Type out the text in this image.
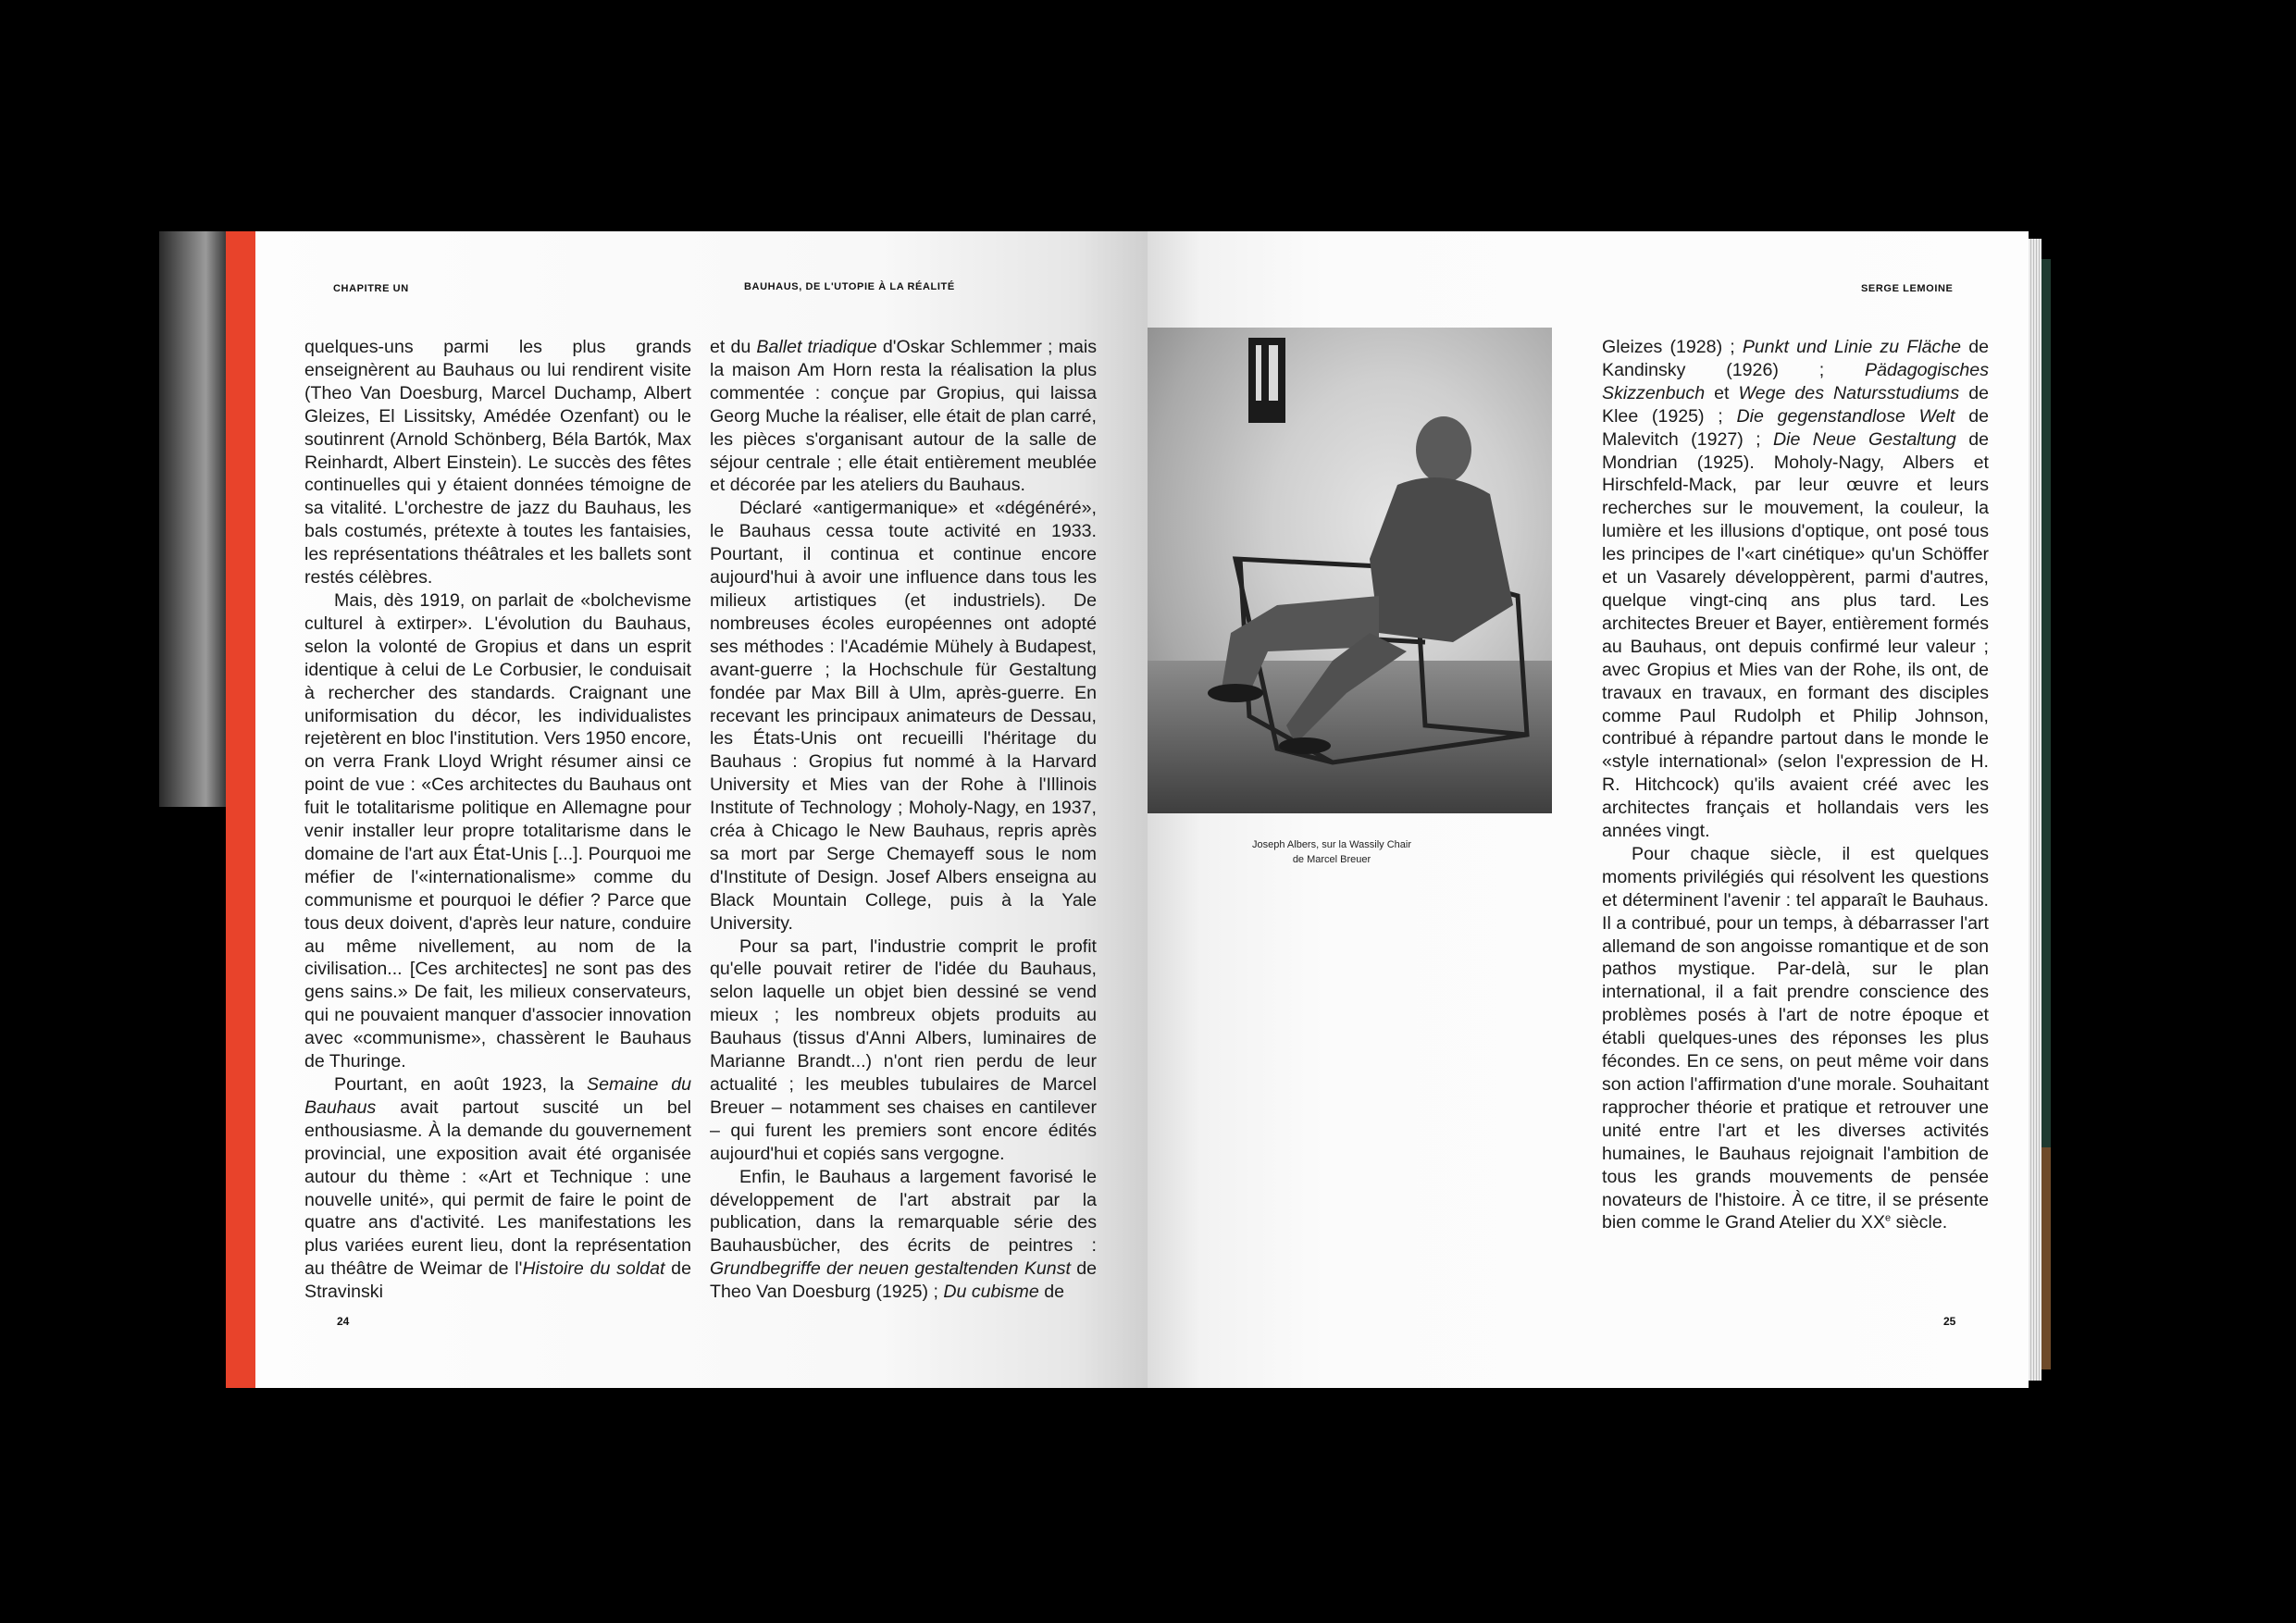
CHAPITRE UN	BAUHAUS, DE L'UTOPIE À LA RÉALITÉ

quelques-uns parmi les plus grands enseignèrent au Bauhaus ou lui rendirent visite (Theo Van Doesburg, Marcel Duchamp, Albert Gleizes, El Lissitsky, Amédée Ozenfant) ou le soutinrent (Arnold Schönberg, Béla Bartók, Max Reinhardt, Albert Einstein). Le succès des fêtes continuelles qui y étaient données témoigne de sa vitalité. L'orchestre de jazz du Bauhaus, les bals costumés, prétexte à toutes les fantaisies, les représentations théâtrales et les ballets sont restés célèbres.

Mais, dès 1919, on parlait de «bolchevisme culturel à extirper». L'évolution du Bauhaus, selon la volonté de Gropius et dans un esprit identique à celui de Le Corbusier, le conduisait à rechercher des standards. Craignant une uniformisation du décor, les individualistes rejetèrent en bloc l'institution. Vers 1950 encore, on verra Frank Lloyd Wright résumer ainsi ce point de vue : «Ces architectes du Bauhaus ont fuit le totalitarisme politique en Allemagne pour venir installer leur propre totalitarisme dans le domaine de l'art aux État-Unis [...]. Pourquoi me méfier de l'«internationalisme» comme du communisme et pourquoi le défier ? Parce que tous deux doivent, d'après leur nature, conduire au même nivellement, au nom de la civilisation... [Ces architectes] ne sont pas des gens sains.» De fait, les milieux conservateurs, qui ne pouvaient manquer d'associer innovation avec «communisme», chassèrent le Bauhaus de Thuringe.

Pourtant, en août 1923, la Semaine du Bauhaus avait partout suscité un bel enthousiasme. À la demande du gouvernement provincial, une exposition avait été organisée autour du thème : «Art et Technique : une nouvelle unité», qui permit de faire le point de quatre ans d'activité. Les manifestations les plus variées eurent lieu, dont la représentation au théâtre de Weimar de l'Histoire du soldat de Stravinski

et du Ballet triadique d'Oskar Schlemmer ; mais la maison Am Horn resta la réalisation la plus commentée : conçue par Gropius, qui laissa Georg Muche la réaliser, elle était de plan carré, les pièces s'organisant autour de la salle de séjour centrale ; elle était entièrement meublée et décorée par les ateliers du Bauhaus.

Déclaré «antigermanique» et «dégénéré», le Bauhaus cessa toute activité en 1933. Pourtant, il continua et continue encore aujourd'hui à avoir une influence dans tous les milieux artistiques (et industriels). De nombreuses écoles européennes ont adopté ses méthodes : l'Académie Mühely à Budapest, avant-guerre ; la Hochschule für Gestaltung fondée par Max Bill à Ulm, après-guerre. En recevant les principaux animateurs de Dessau, les États-Unis ont recueilli l'héritage du Bauhaus : Gropius fut nommé à la Harvard University et Mies van der Rohe à l'Illinois Institute of Technology ; Moholy-Nagy, en 1937, créa à Chicago le New Bauhaus, repris après sa mort par Serge Chemayeff sous le nom d'Institute of Design. Josef Albers enseigna au Black Mountain College, puis à la Yale University.

Pour sa part, l'industrie comprit le profit qu'elle pouvait retirer de l'idée du Bauhaus, selon laquelle un objet bien dessiné se vend mieux ; les nombreux objets produits au Bauhaus (tissus d'Anni Albers, luminaires de Marianne Brandt...) n'ont rien perdu de leur actualité ; les meubles tubulaires de Marcel Breuer – notamment ses chaises en cantilever – qui furent les premiers sont encore édités aujourd'hui et copiés sans vergogne.

Enfin, le Bauhaus a largement favorisé le développement de l'art abstrait par la publication, dans la remarquable série des Bauhausbücher, des écrits de peintres : Grundbegriffe der neuen gestaltenden Kunst de Theo Van Doesburg (1925) ; Du cubisme de

24
SERGE LEMOINE
Joseph Albers, sur la Wassily Chair
de Marcel Breuer

Gleizes (1928) ; Punkt und Linie zu Fläche de Kandinsky (1926) ; Pädagogisches Skizzenbuch et Wege des Natursstudiums de Klee (1925) ; Die gegenstandlose Welt de Malevitch (1927) ; Die Neue Gestaltung de Mondrian (1925). Moholy-Nagy, Albers et Hirschfeld-Mack, par leur œuvre et leurs recherches sur le mouvement, la couleur, la lumière et les illusions d'optique, ont posé tous les principes de l'«art cinétique» qu'un Schöffer et un Vasarely développèrent, parmi d'autres, quelque vingt-cinq ans plus tard. Les architectes Breuer et Bayer, entièrement formés au Bauhaus, ont depuis confirmé leur valeur ; avec Gropius et Mies van der Rohe, ils ont, de travaux en travaux, en formant des disciples comme Paul Rudolph et Philip Johnson, contribué à répandre partout dans le monde le «style international» (selon l'expression de H. R. Hitchcock) qu'ils avaient créé avec les architectes français et hollandais vers les années vingt.

Pour chaque siècle, il est quelques moments privilégiés qui résolvent les questions et déterminent l'avenir : tel apparaît le Bauhaus. Il a contribué, pour un temps, à débarrasser l'art allemand de son angoisse romantique et de son pathos mystique. Par-delà, sur le plan international, il a fait prendre conscience des problèmes posés à l'art de notre époque et établi quelques-unes des réponses les plus fécondes. En ce sens, on peut même voir dans son action l'affirmation d'une morale. Souhaitant rapprocher théorie et pratique et retrouver une unité entre l'art et les diverses activités humaines, le Bauhaus rejoignait l'ambition de tous les grands mouvements de pensée novateurs de l'histoire. À ce titre, il se présente bien comme le Grand Atelier du XXe siècle.

25
